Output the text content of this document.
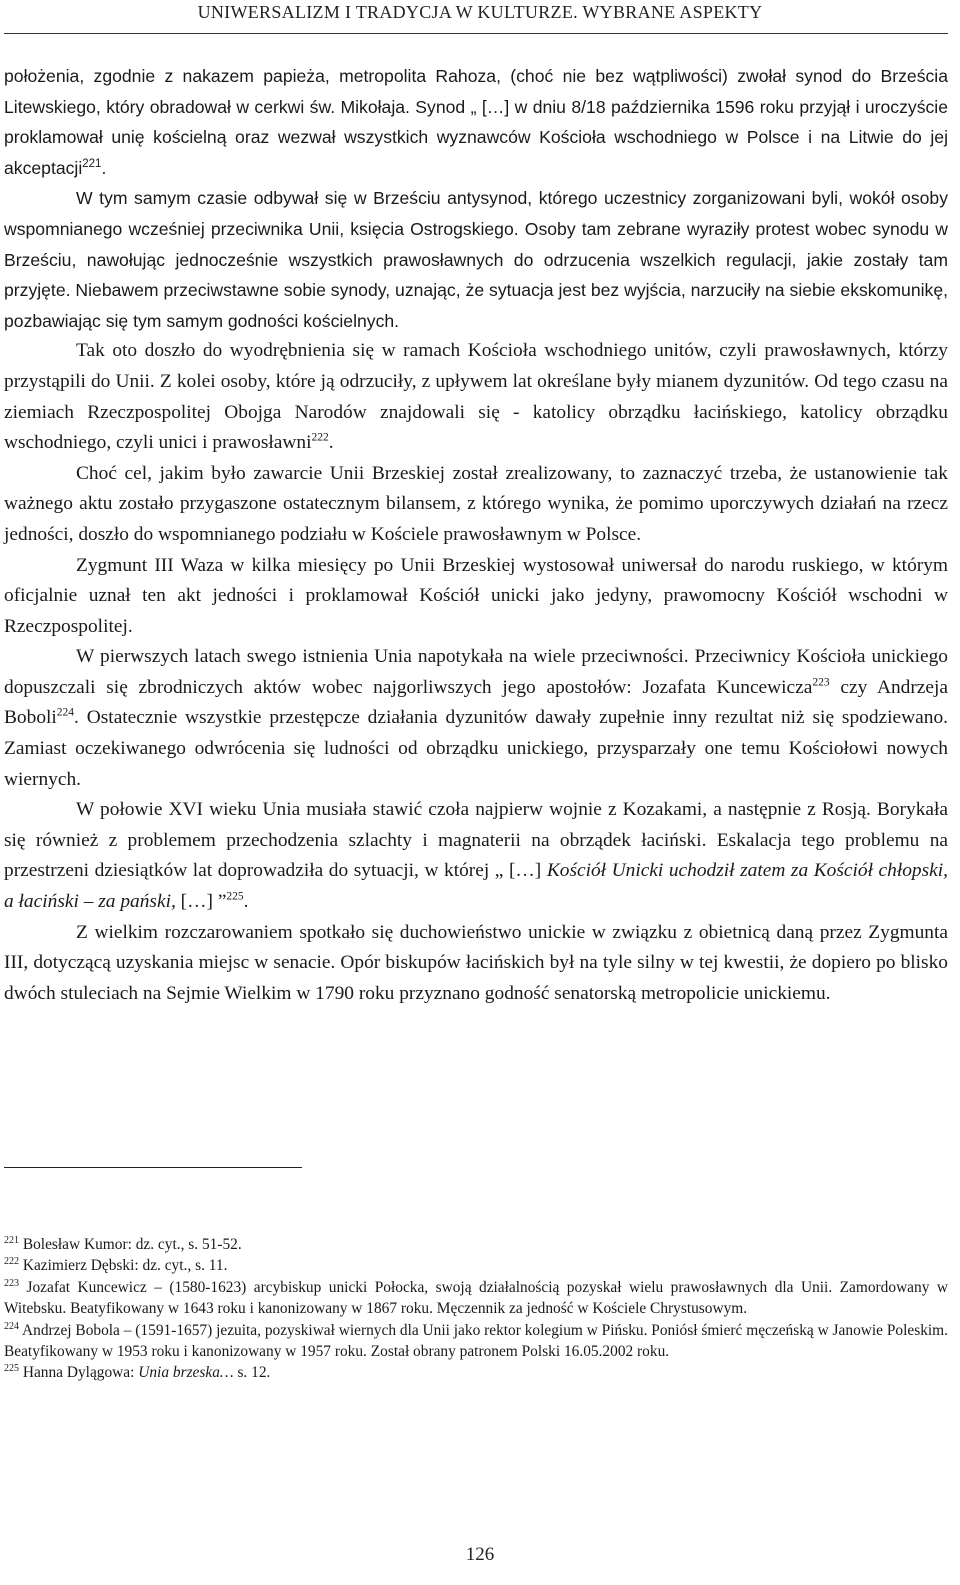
UNIWERSALIZM I TRADYCJA W KULTURZE. WYBRANE ASPEKTY

położenia, zgodnie z nakazem papieża, metropolita Rahoza, (choć nie bez wątpliwości) zwołał synod do Brześcia Litewskiego, który obradował w cerkwi św. Mikołaja. Synod „ […] w dniu 8/18 października 1596 roku przyjął i uroczyście proklamował unię kościelną oraz wezwał wszystkich wyznawców Kościoła wschodniego w Polsce i na Litwie do jej akceptacji$^{221}$.

W tym samym czasie odbywał się w Brześciu antysynod, którego uczestnicy zorganizowani byli, wokół osoby wspomnianego wcześniej przeciwnika Unii, księcia Ostrogskiego. Osoby tam zebrane wyraziły protest wobec synodu w Brześciu, nawołując jednocześnie wszystkich prawosławnych do odrzucenia wszelkich regulacji, jakie zostały tam przyjęte. Niebawem przeciwstawne sobie synody, uznając, że sytuacja jest bez wyjścia, narzuciły na siebie ekskomunikę, pozbawiając się tym samym godności kościelnych.

Tak oto doszło do wyodrębnienia się w ramach Kościoła wschodniego unitów, czyli prawosławnych, którzy przystąpili do Unii. Z kolei osoby, które ją odrzuciły, z upływem lat określane były mianem dyzunitów. Od tego czasu na ziemiach Rzeczpospolitej Obojga Narodów znajdowali się - katolicy obrządku łacińskiego, katolicy obrządku wschodniego, czyli unici i prawosławni$^{222}$.

Choć cel, jakim było zawarcie Unii Brzeskiej został zrealizowany, to zaznaczyć trzeba, że ustanowienie tak ważnego aktu zostało przygaszone ostatecznym bilansem, z którego wynika, że pomimo uporczywych działań na rzecz jedności, doszło do wspomnianego podziału w Kościele prawosławnym w Polsce.

Zygmunt III Waza w kilka miesięcy po Unii Brzeskiej wystosował uniwersał do narodu ruskiego, w którym oficjalnie uznał ten akt jedności i proklamował Kościół unicki jako jedyny, prawomocny Kościół wschodni w Rzeczpospolitej.

W pierwszych latach swego istnienia Unia napotykała na wiele przeciwności. Przeciwnicy Kościoła unickiego dopuszczali się zbrodniczych aktów wobec najgorliwszych jego apostołów: Jozafata Kuncewicza$^{223}$ czy Andrzeja Boboli$^{224}$. Ostatecznie wszystkie przestępcze działania dyzunitów dawały zupełnie inny rezultat niż się spodziewano. Zamiast oczekiwanego odwrócenia się ludności od obrządku unickiego, przysparzały one temu Kościołowi nowych wiernych.

W połowie XVI wieku Unia musiała stawić czoła najpierw wojnie z Kozakami, a następnie z Rosją. Borykała się również z problemem przechodzenia szlachty i magnaterii na obrządek łaciński. Eskalacja tego problemu na przestrzeni dziesiątków lat doprowadziła do sytuacji, w której „ […] Kościół Unicki uchodził zatem za Kościół chłopski, a łaciński – za pański, […] ”$^{225}$.

Z wielkim rozczarowaniem spotkało się duchowieństwo unickie w związku z obietnicą daną przez Zygmunta III, dotyczącą uzyskania miejsc w senacie. Opór biskupów łacińskich był na tyle silny w tej kwestii, że dopiero po blisko dwóch stuleciach na Sejmie Wielkim w 1790 roku przyznano godność senatorską metropolicie unickiemu.

$^{221}$ Bolesław Kumor: dz. cyt., s. 51-52.

$^{222}$ Kazimierz Dębski: dz. cyt., s. 11.

$^{223}$ Jozafat Kuncewicz – (1580-1623) arcybiskup unicki Połocka, swoją działalnością pozyskał wielu prawosławnych dla Unii. Zamordowany w Witebsku. Beatyfikowany w 1643 roku i kanonizowany w 1867 roku. Męczennik za jedność w Kościele Chrystusowym.

$^{224}$ Andrzej Bobola – (1591-1657) jezuita, pozyskiwał wiernych dla Unii jako rektor kolegium w Pińsku. Poniósł śmierć męczeńską w Janowie Poleskim. Beatyfikowany w 1953 roku i kanonizowany w 1957 roku. Został obrany patronem Polski 16.05.2002 roku.

$^{225}$ Hanna Dylągowa: Unia brzeska… s. 12.

126
